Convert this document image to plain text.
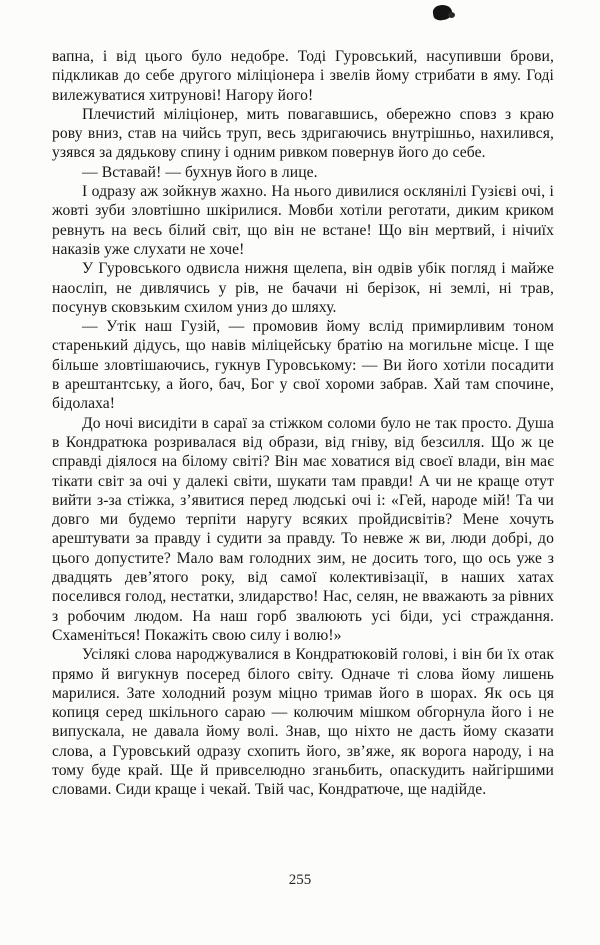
вапна, і від цього було недобре. Тоді Гуровський, насупивши брови, підкликав до себе другого міліціонера і звелів йому стрибати в яму. Годі вилежуватися хитрунові! Нагору його!

Плечистий міліціонер, мить повагавшись, обережно сповз з краю рову вниз, став на чийсь труп, весь здригаючись внутрішньо, нахилився, узявся за дядькову спину і одним ривком повернув його до себе.

— Вставай! — бухнув його в лице.

І одразу аж зойкнув жахно. На нього дивилися осклянілі Гузієві очі, і жовті зуби зловтішно шкірилися. Мовби хотіли реготати, диким криком ревнуть на весь білий світ, що він не встане! Що він мертвий, і нічиїх наказів уже слухати не хоче!

У Гуровського одвисла нижня щелепа, він одвів убік погляд і майже наосліп, не дивлячись у рів, не бачачи ні берізок, ні землі, ні трав, посунув сковзьким схилом униз до шляху.

— Утік наш Гузій, — промовив йому вслід примирливим тоном старенький дідусь, що навів міліцейську братію на могильне місце. І ще більше зловтішаючись, гукнув Гуровському: — Ви його хотіли посадити в арештантську, а його, бач, Бог у свої хороми забрав. Хай там спочине, бідолаха!

До ночі висидіти в сараї за стіжком соломи було не так просто. Душа в Кондратюка розривалася від образи, від гніву, від безсилля. Що ж це справді діялося на білому світі? Він має ховатися від своєї влади, він має тікати світ за очі у далекі світи, шукати там правди! А чи не краще отут вийти з-за стіжка, з’явитися перед людські очі і: «Гей, народе мій! Та чи довго ми будемо терпіти наругу всяких пройдисвітів? Мене хочуть арештувати за правду і судити за правду. То невже ж ви, люди добрі, до цього допустите? Мало вам голодних зим, не досить того, що ось уже з двадцять дев’ятого року, від самої колективізації, в наших хатах поселився голод, нестатки, злидарство! Нас, селян, не вважають за рівних з робочим людом. На наш горб звалюють усі біди, усі страждання. Схаменіться! Покажіть свою силу і волю!»

Усілякі слова народжувалися в Кондратюковій голові, і він би їх отак прямо й вигукнув посеред білого світу. Одначе ті слова йому лишень марилися. Зате холодний розум міцно тримав його в шорах. Як ось ця копиця серед шкільного сараю — колючим мішком обгорнула його і не випускала, не давала йому волі. Знав, що ніхто не дасть йому сказати слова, а Гуровський одразу схопить його, зв’яже, як ворога народу, і на тому буде край. Ще й привселюдно зганьбить, опаскудить найгіршими словами. Сиди краще і чекай. Твій час, Кондратюче, ще надійде.

255
